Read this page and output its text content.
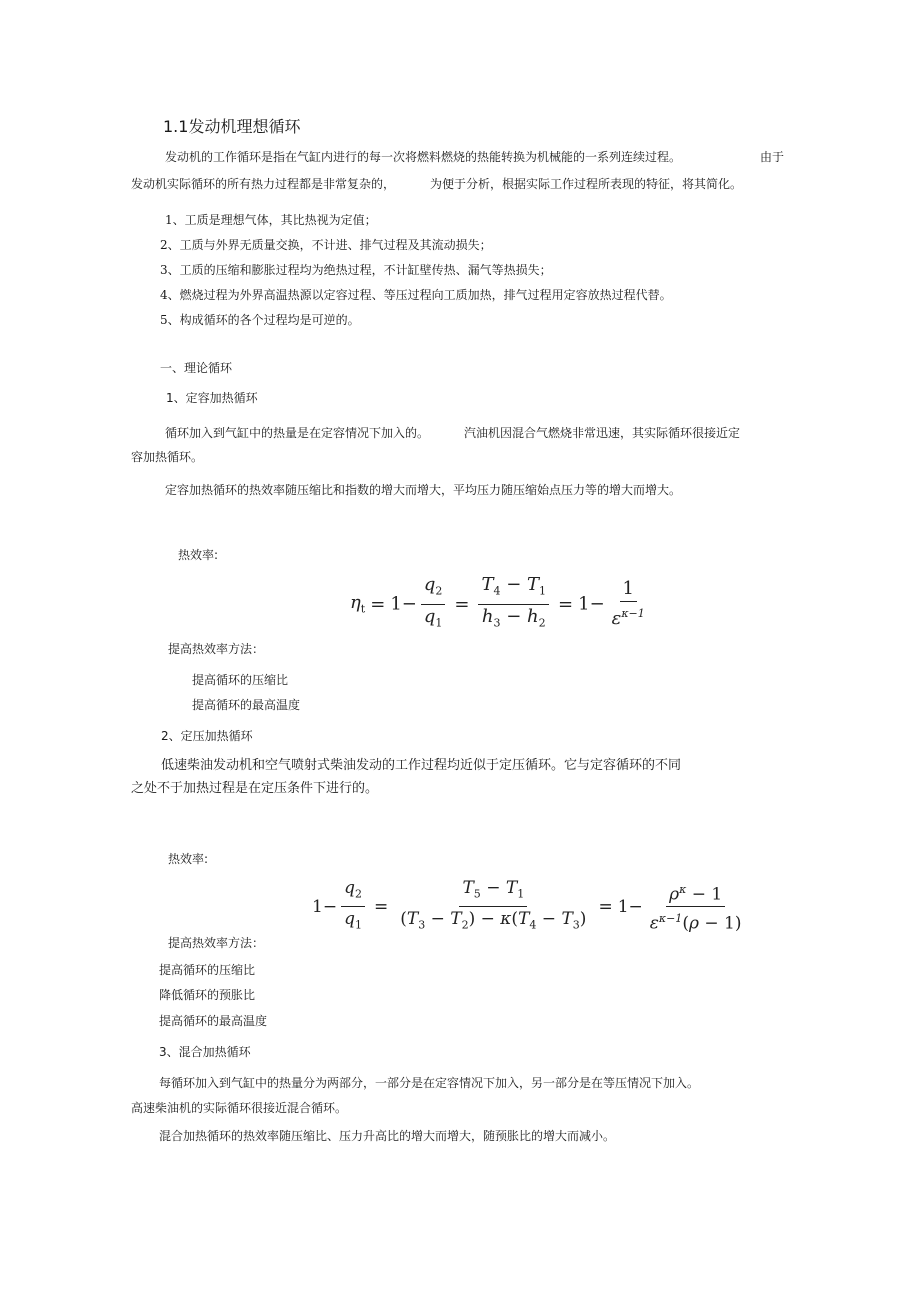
1.1发动机理想循环
发动机的工作循环是指在气缸内进行的每一次将燃料燃烧的热能转换为机械能的一系列连续过程。	由于
发动机实际循环的所有热力过程都是非常复杂的，	为便于分析，根据实际工作过程所表现的特征，将其简化。
1、工质是理想气体，其比热视为定值；
2、工质与外界无质量交换，不计进、排气过程及其流动损失；
3、工质的压缩和膨胀过程均为绝热过程，不计缸壁传热、漏气等热损失；
4、燃烧过程为外界高温热源以定容过程、等压过程向工质加热，排气过程用定容放热过程代替。
5、构成循环的各个过程均是可逆的。
一、理论循环
1、定容加热循环
循环加入到气缸中的热量是在定容情况下加入的。	汽油机因混合气燃烧非常迅速，其实际循环很接近定
容加热循环。
定容加热循环的热效率随压缩比和指数的增大而增大，平均压力随压缩始点压力等的增大而增大。
热效率:
$\eta_t = 1- \frac{q_2}{q_1} = \frac{T_4 - T_1}{h_3 - h_2} = 1- \frac{1}{\varepsilon^{\kappa-1}}$
提高热效率方法：
提高循环的压缩比
提高循环的最高温度
2、定压加热循环
低速柴油发动机和空气喷射式柴油发动的工作过程均近似于定压循环。它与定容循环的不同
之处不于加热过程是在定压条件下进行的。
热效率:
$1- \frac{q_2}{q_1} = \frac{T_5 - T_1}{(T_3 - T_2) - \kappa(T_4 - T_3)} = 1- \frac{\rho^\kappa - 1}{\varepsilon^{\kappa-1}(\rho - 1)}$
提高热效率方法：
提高循环的压缩比
降低循环的预胀比
提高循环的最高温度
3、混合加热循环
每循环加入到气缸中的热量分为两部分，一部分是在定容情况下加入，另一部分是在等压情况下加入。
高速柴油机的实际循环很接近混合循环。
混合加热循环的热效率随压缩比、压力升高比的增大而增大，随预胀比的增大而减小。
